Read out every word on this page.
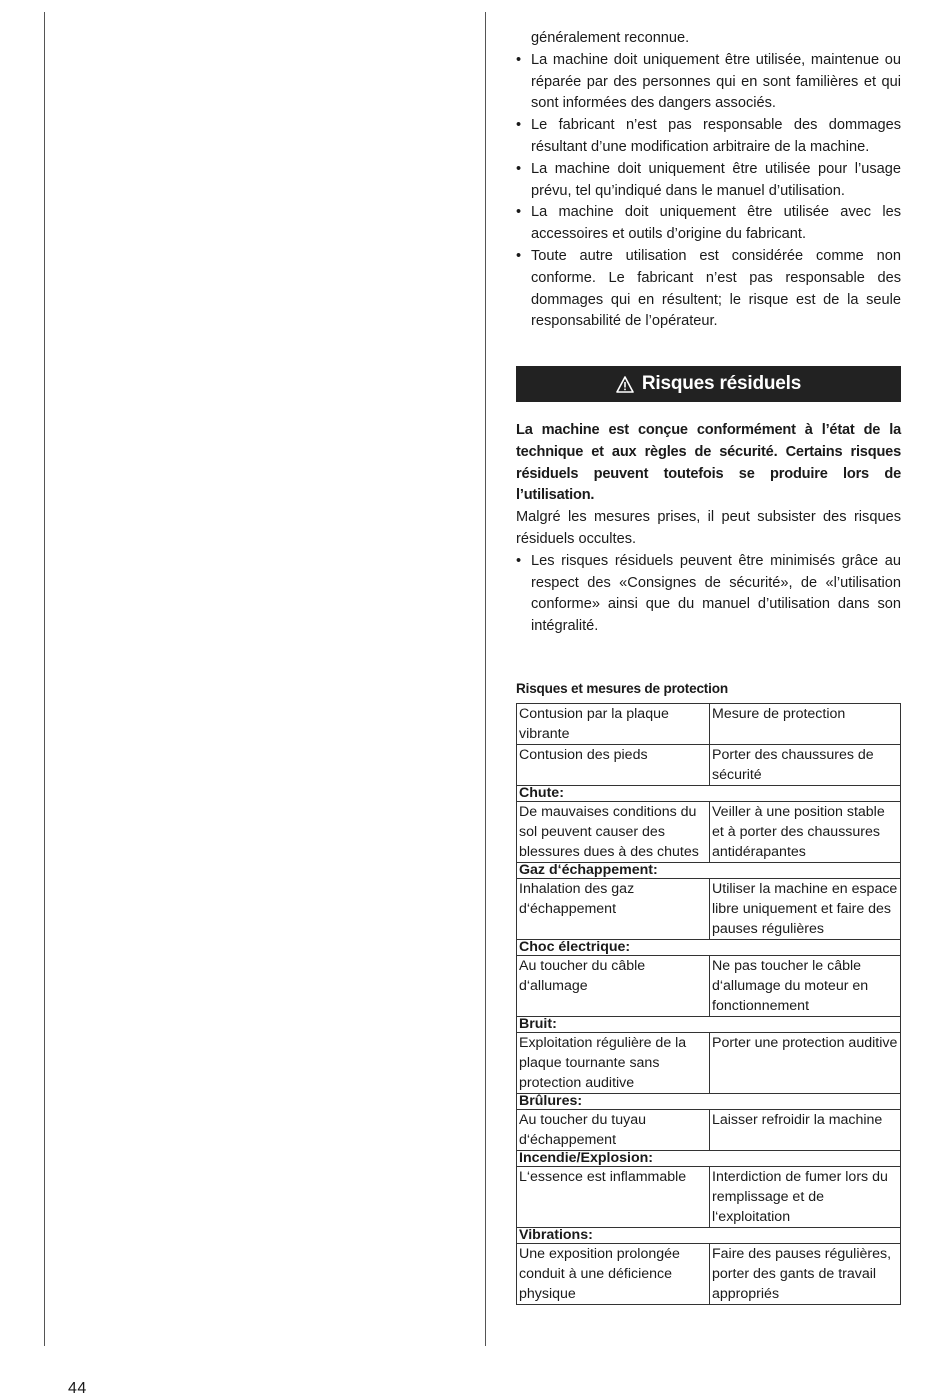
généralement reconnue.

• La machine doit uniquement être utilisée, maintenue ou réparée par des personnes qui en sont familières et qui sont informées des dangers associés.
• Le fabricant n’est pas responsable des dommages résultant d’une modification arbitraire de la machine.
• La machine doit uniquement être utilisée pour l’usage prévu, tel qu’indiqué dans le manuel d’utilisation.
• La machine doit uniquement être utilisée avec les accessoires et outils d’origine du fabricant.
• Toute autre utilisation est considérée comme non conforme. Le fabricant n’est pas responsable des dommages qui en résultent; le risque est de la seule responsabilité de l’opérateur.
Risques résiduels

La machine est conçue conformément à l’état de la technique et aux règles de sécurité. Certains risques résiduels peuvent toutefois se produire lors de l’utilisation.

Malgré les mesures prises, il peut subsister des risques résiduels occultes.

• Les risques résiduels peuvent être minimisés grâce au respect des «Consignes de sécurité», de «l’utilisation conforme» ainsi que du manuel d’utilisation dans son intégralité.
Risques et mesures de protection
Contusion par la plaque vibrante	Mesure de protection
Contusion des pieds	Porter des chaussures de sécurité
Chute:	
De mauvaises conditions du sol peuvent causer des blessures dues à des chutes	Veiller à une position stable et à porter des chaussures antidérapantes
Gaz d‘échappement:	
Inhalation des gaz d‘échappement	Utiliser la machine en espace libre uniquement et faire des pauses régulières
Choc électrique:	
Au toucher du câble d‘allumage	Ne pas toucher le câble d‘allumage du moteur en fonctionnement
Bruit:	
Exploitation régulière de la plaque tournante sans protection auditive	Porter une protection auditive
Brûlures:	
Au toucher du tuyau d‘échappement	Laisser refroidir la machine
Incendie/Explosion:	
L‘essence est inflammable	Interdiction de fumer lors du remplissage et de l‘exploitation
Vibrations:	
Une exposition prolongée conduit à une déficience physique	Faire des pauses régulières, porter des gants de travail appropriés
44
